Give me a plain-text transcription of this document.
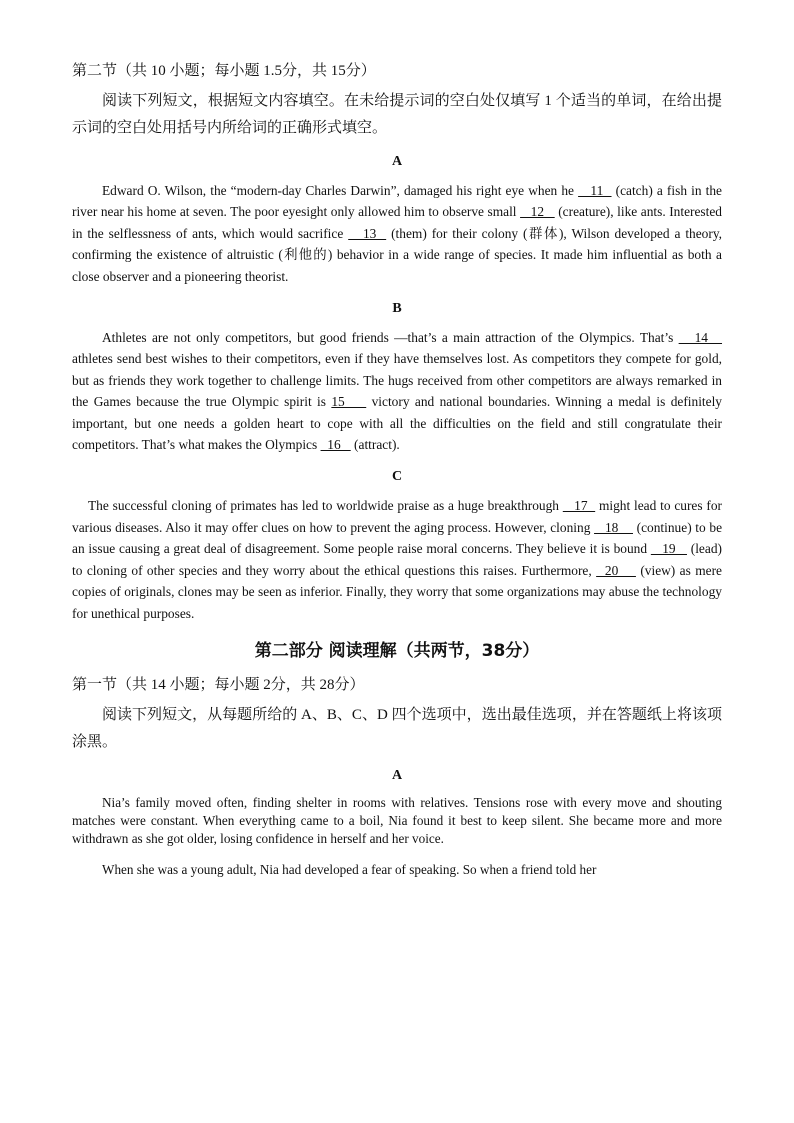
第二节（共 10 小题；每小题 1.5分，共 15分）

阅读下列短文，根据短文内容填空。在未给提示词的空白处仅填写 1 个适当的单词，在给出提示词的空白处用括号内所给词的正确形式填空。

A

Edward O. Wilson, the “modern-day Charles Darwin”, damaged his right eye when he    11   (catch) a fish in the river near his home at seven. The poor eyesight only allowed him to observe small    12    (creature), like ants. Interested in the selflessness of ants, which would sacrifice    13   (them) for their colony (群体), Wilson developed a theory, confirming the existence of altruistic (利他的) behavior in a wide range of species. It made him influential as both a close observer and a pioneering theorist.

B

Athletes are not only competitors, but good friends —that’s a main attraction of the Olympics. That’s    14    athletes send best wishes to their competitors, even if they have themselves lost. As competitors they compete for gold, but as friends they work together to challenge limits. The hugs received from other competitors are always remarked in the Games because the true Olympic spirit is 15     victory and national boundaries. Winning a medal is definitely important, but one needs a golden heart to cope with all the difficulties on the field and still congratulate their competitors. That’s what makes the Olympics   16    (attract).

C

The successful cloning of primates has led to worldwide praise as a huge breakthrough    17   might lead to cures for various diseases. Also it may offer clues on how to prevent the aging process. However, cloning    18     (continue) to be an issue causing a great deal of disagreement. Some people raise moral concerns. They believe it is bound    19    (lead) to cloning of other species and they worry about the ethical questions this raises. Furthermore,   20     (view) as mere copies of originals, clones may be seen as inferior. Finally, they worry that some organizations may abuse the technology for unethical purposes.

第二部分 阅读理解（共两节，38分）

第一节（共 14 小题；每小题 2分，共 28分）

阅读下列短文，从每题所给的 A、B、C、D 四个选项中，选出最佳选项，并在答题纸上将该项涂黑。

A

Nia’s family moved often, finding shelter in rooms with relatives. Tensions rose with every move and shouting matches were constant. When everything came to a boil, Nia found it best to keep silent. She became more and more withdrawn as she got older, losing confidence in herself and her voice.

When she was a young adult, Nia had developed a fear of speaking. So when a friend told her
